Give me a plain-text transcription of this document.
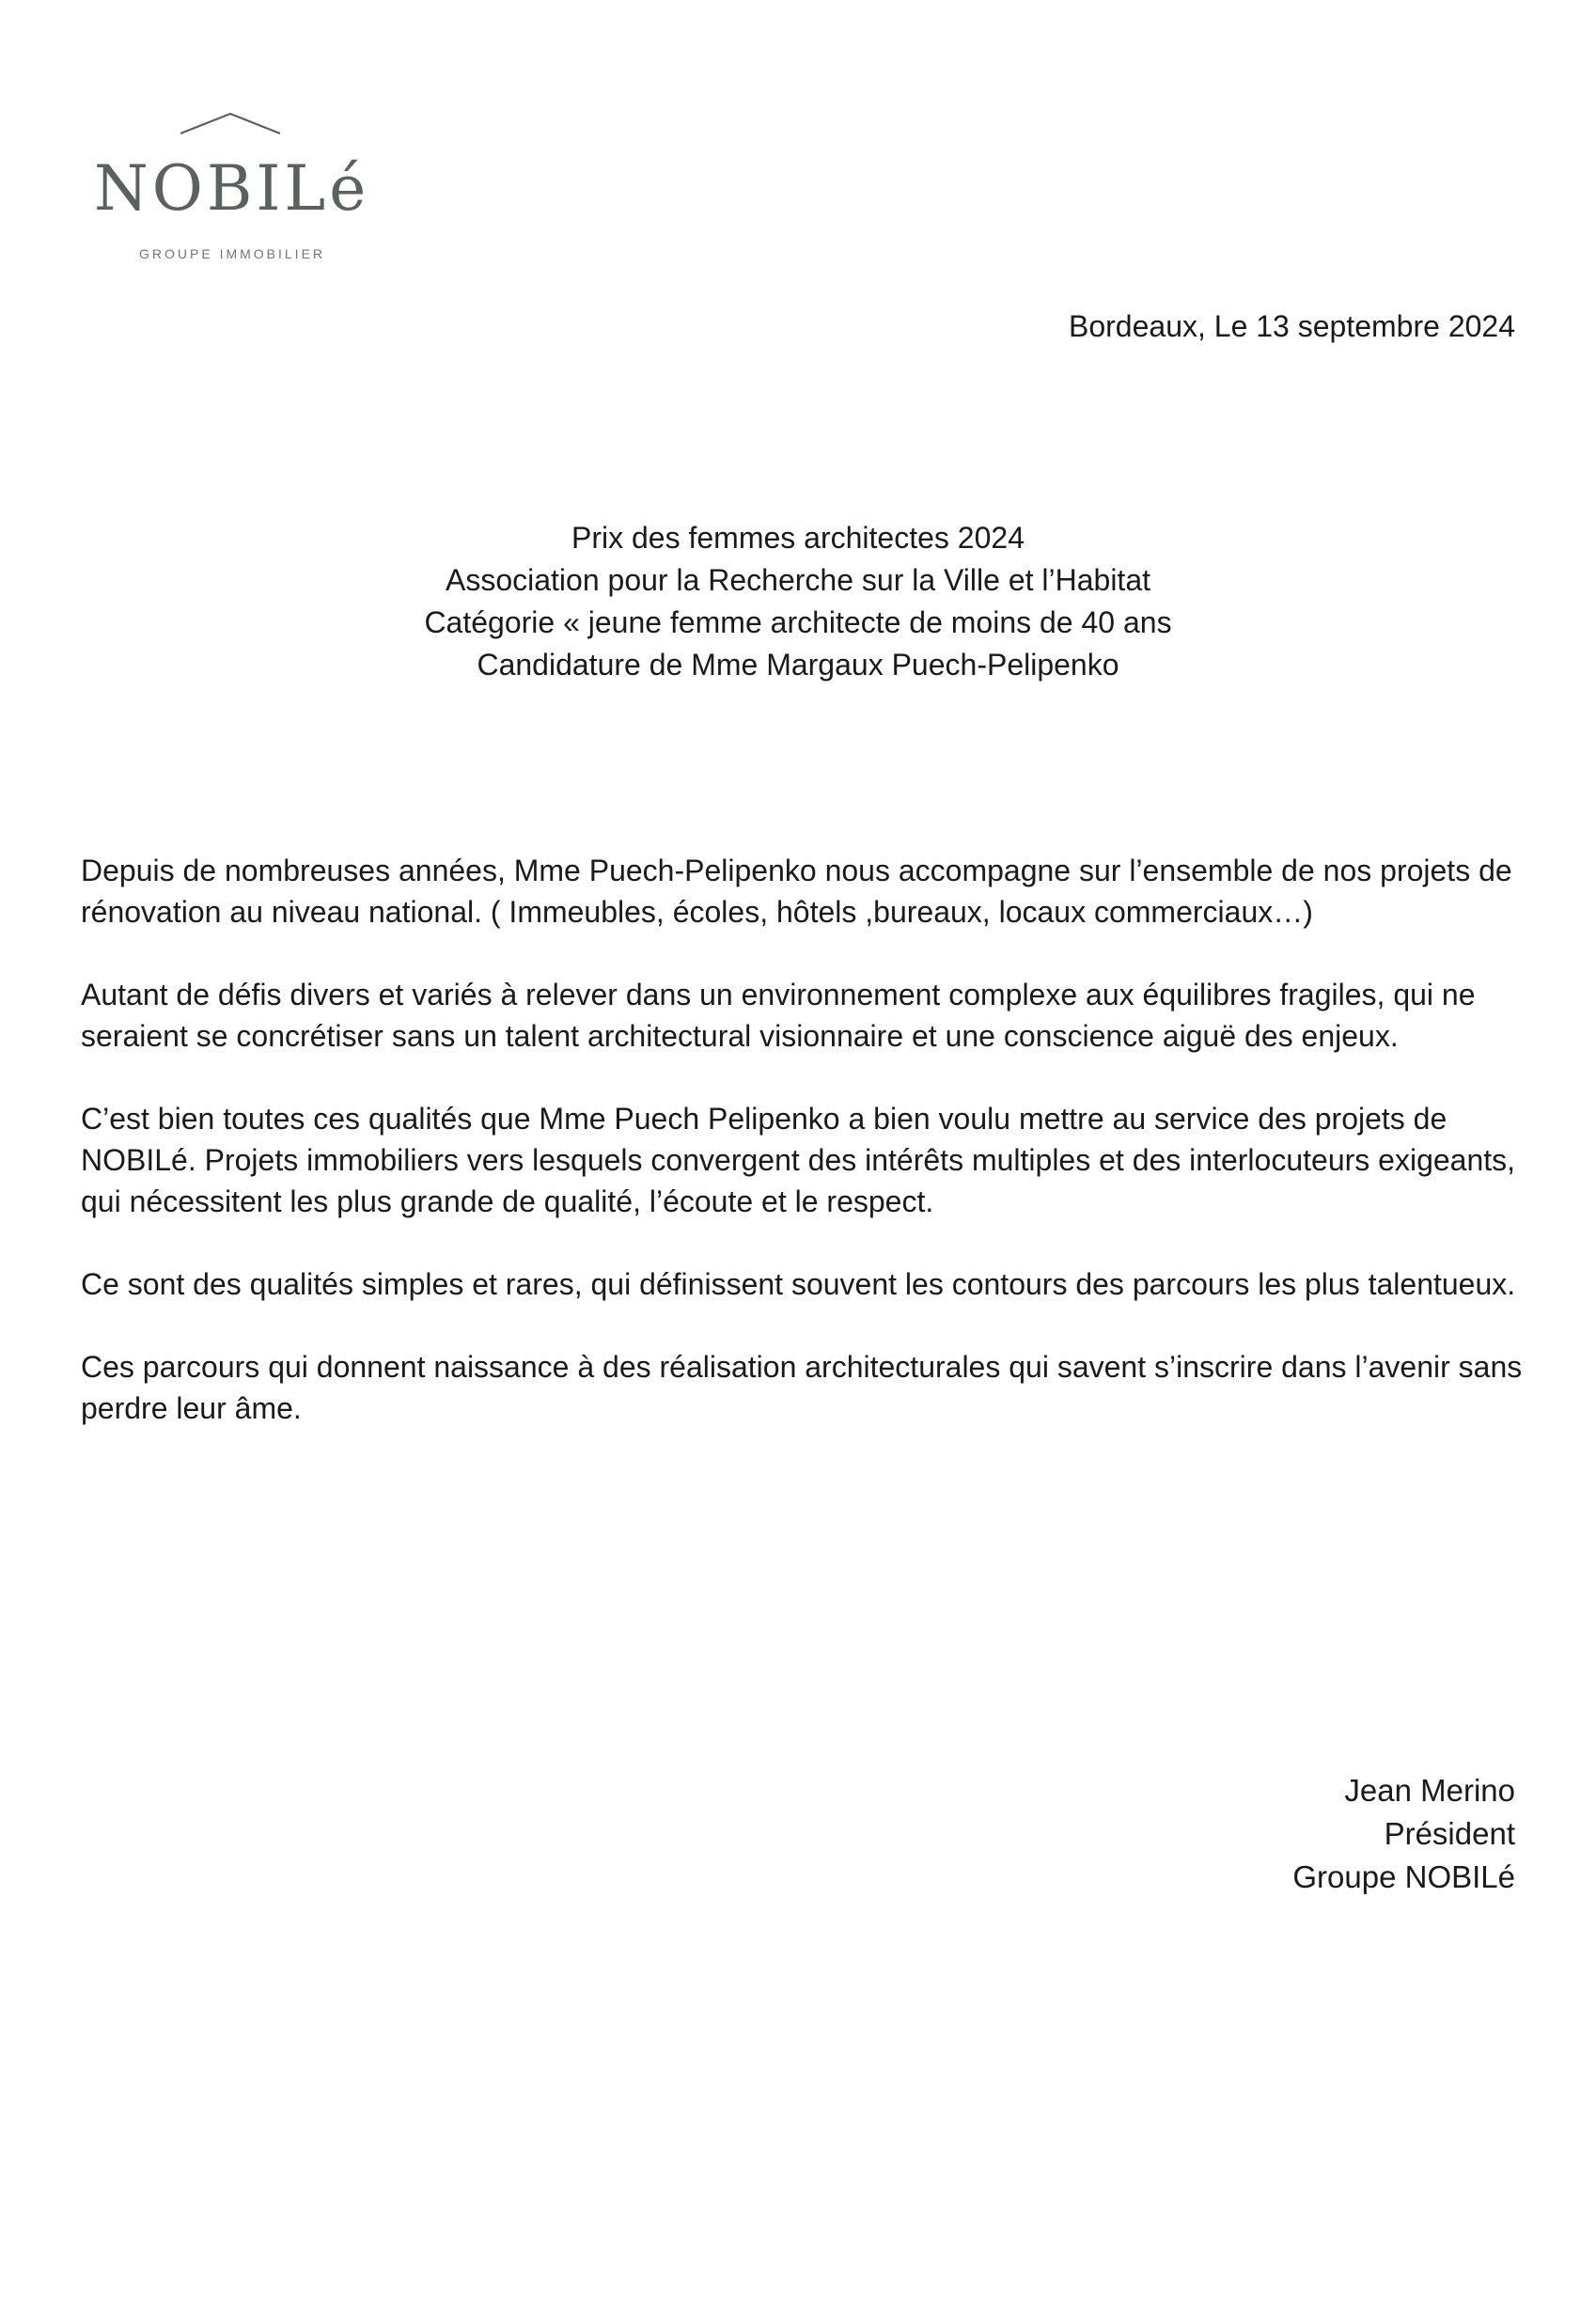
NOBILé
GROUPE IMMOBILIER
Bordeaux, Le 13 septembre 2024
Prix des femmes architectes 2024
Association pour la Recherche sur la Ville et l’Habitat
Catégorie « jeune femme architecte de moins de 40 ans
Candidature de Mme Margaux Puech-Pelipenko

Depuis de nombreuses années, Mme Puech-Pelipenko nous accompagne sur l’ensemble de nos projets de rénovation au niveau national. ( Immeubles, écoles, hôtels ,bureaux, locaux commerciaux…)

Autant de défis divers et variés à relever dans un environnement complexe aux équilibres fragiles, qui ne seraient se concrétiser sans un talent architectural visionnaire et une conscience aiguë des enjeux.

C’est bien toutes ces qualités que Mme Puech Pelipenko a bien voulu mettre au service des projets de NOBILé. Projets immobiliers vers lesquels convergent des intérêts multiples et des interlocuteurs exigeants, qui nécessitent les plus grande de qualité, l’écoute et le respect.

Ce sont des qualités simples et rares, qui définissent souvent les contours des parcours les plus talentueux.

Ces parcours qui donnent naissance à des réalisation architecturales qui savent s’inscrire dans l’avenir sans perdre leur âme.

Jean Merino
Président
Groupe NOBILé
